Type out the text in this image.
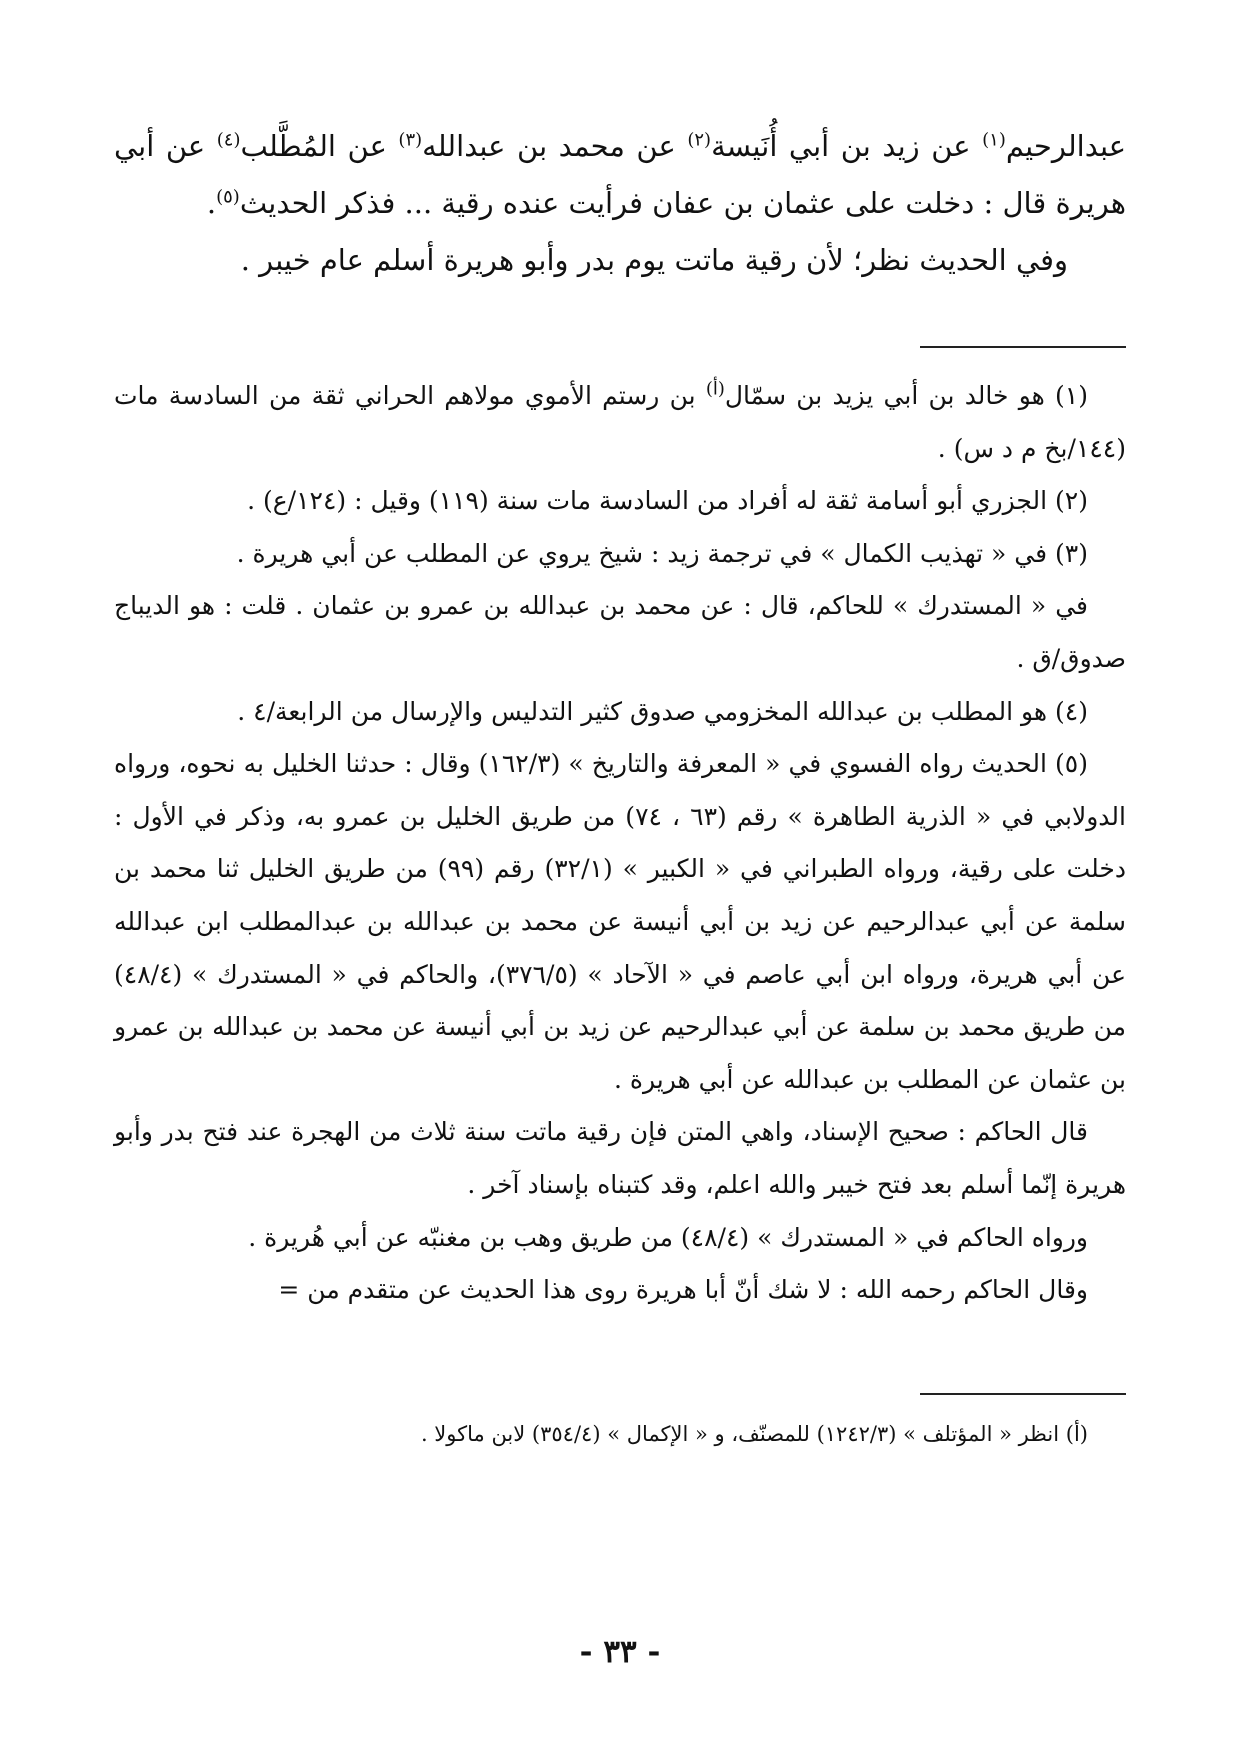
عبدالرحيم$^{(١)}$ عن زيد بن أبي أُنَيسة$^{(٢)}$ عن محمد بن عبدالله$^{(٣)}$ عن المُطَّلب$^{(٤)}$ عن أبي هريرة قال : دخلت على عثمان بن عفان فرأيت عنده رقية ... فذكر الحديث$^{(٥)}$.

وفي الحديث نظر؛ لأن رقية ماتت يوم بدر وأبو هريرة أسلم عام خيبر .

(١) هو خالد بن أبي يزيد بن سمّال$^{(أ)}$ بن رستم الأموي مولاهم الحراني ثقة من السادسة مات (١٤٤/بخ م د س) .

(٢) الجزري أبو أسامة ثقة له أفراد من السادسة مات سنة (١١٩) وقيل : (١٢٤/ع) .

(٣) في « تهذيب الكمال » في ترجمة زيد : شيخ يروي عن المطلب عن أبي هريرة .

في « المستدرك » للحاكم، قال : عن محمد بن عبدالله بن عمرو بن عثمان . قلت : هو الديباج صدوق/ق .

(٤) هو المطلب بن عبدالله المخزومي صدوق كثير التدليس والإرسال من الرابعة/٤ .

(٥) الحديث رواه الفسوي في « المعرفة والتاريخ » (١٦٢/٣) وقال : حدثنا الخليل به نحوه، ورواه الدولابي في « الذرية الطاهرة » رقم (٦٣ ، ٧٤) من طريق الخليل بن عمرو به، وذكر في الأول : دخلت على رقية، ورواه الطبراني في « الكبير » (٣٢/١) رقم (٩٩) من طريق الخليل ثنا محمد بن سلمة عن أبي عبدالرحيم عن زيد بن أبي أنيسة عن محمد بن عبدالله بن عبدالمطلب ابن عبدالله عن أبي هريرة، ورواه ابن أبي عاصم في « الآحاد » (٣٧٦/٥)، والحاكم في « المستدرك » (٤٨/٤) من طريق محمد بن سلمة عن أبي عبدالرحيم عن زيد بن أبي أنيسة عن محمد بن عبدالله بن عمرو بن عثمان عن المطلب بن عبدالله عن أبي هريرة .

قال الحاكم : صحيح الإسناد، واهي المتن فإن رقية ماتت سنة ثلاث من الهجرة عند فتح بدر وأبو هريرة إنّما أسلم بعد فتح خيبر والله اعلم، وقد كتبناه بإسناد آخر .

ورواه الحاكم في « المستدرك » (٤٨/٤) من طريق وهب بن مغنبّه عن أبي هُريرة .

وقال الحاكم رحمه الله : لا شك أنّ أبا هريرة روى هذا الحديث عن متقدم من =

(أ) انظر « المؤتلف » (١٢٤٢/٣) للمصنّف، و « الإكمال » (٣٥٤/٤) لابن ماكولا .
- ٣٣ -
